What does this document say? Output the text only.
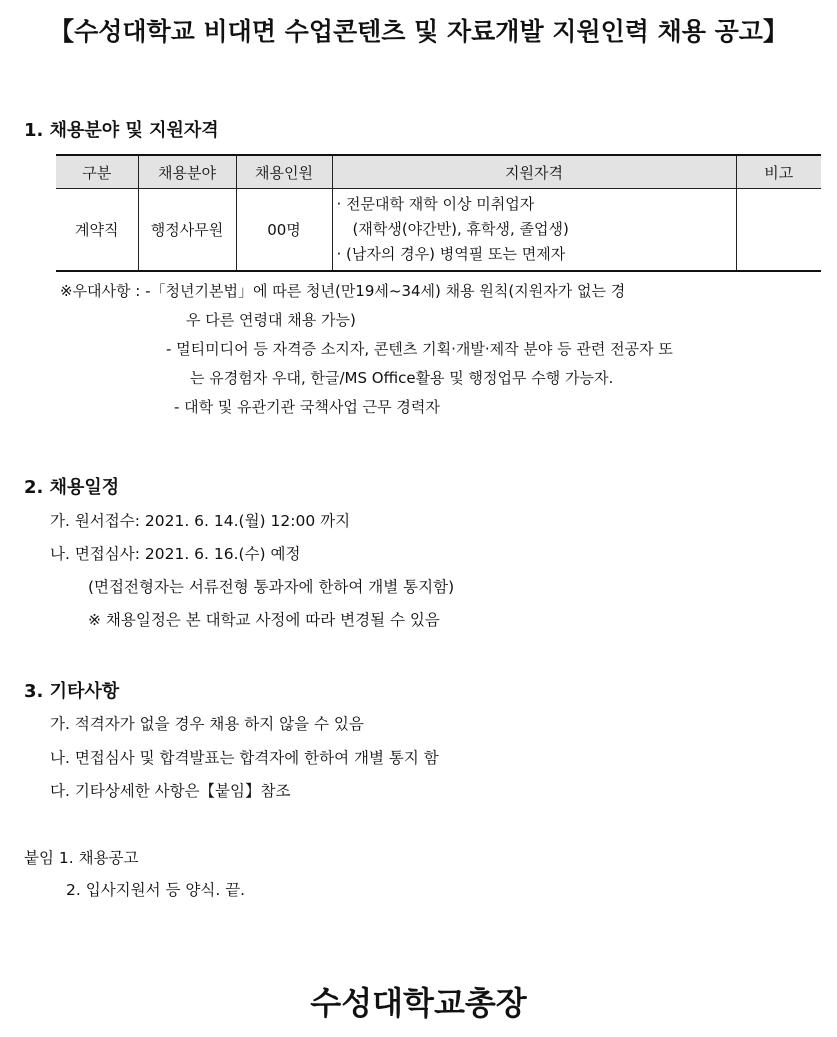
【수성대학교 비대면 수업콘텐츠 및 자료개발 지원인력 채용 공고】
1. 채용분야 및 지원자격
구분	채용분야	채용인원	지원자격	비고
계약직	행정사무원	00명	· 전문대학 재학 이상 미취업자
(재학생(야간반), 휴학생, 졸업생)
· (남자의 경우) 병역필 또는 면제자	

※우대사항 : -「청년기본법」에 따른 청년(만19세~34세) 채용 원칙(지원자가 없는 경
우 다른 연령대 채용 가능)
- 멀티미디어 등 자격증 소지자, 콘텐츠 기획·개발·제작 분야 등 관련 전공자 또
는 유경험자 우대, 한글/MS Office활용 및 행정업무 수행 가능자.
- 대학 및 유관기관 국책사업 근무 경력자
2. 채용일정
가. 원서접수: 2021. 6. 14.(월) 12:00 까지
나. 면접심사: 2021. 6. 16.(수) 예정
(면접전형자는 서류전형 통과자에 한하여 개별 통지함)
※ 채용일정은 본 대학교 사정에 따라 변경될 수 있음
3. 기타사항
가. 적격자가 없을 경우 채용 하지 않을 수 있음
나. 면접심사 및 합격발표는 합격자에 한하여 개별 통지 함
다. 기타상세한 사항은【붙임】참조
붙임 1. 채용공고
2. 입사지원서 등 양식. 끝.
수성대학교총장
